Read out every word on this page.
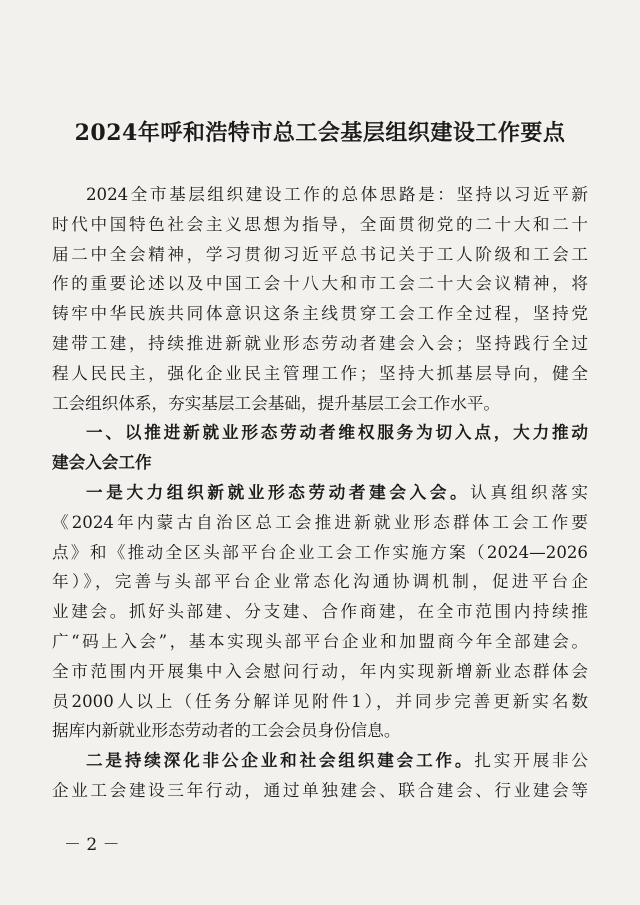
2024年呼和浩特市总工会基层组织建设工作要点
2024全市基层组织建设工作的总体思路是：坚持以习近平新
时代中国特色社会主义思想为指导，全面贯彻党的二十大和二十
届二中全会精神，学习贯彻习近平总书记关于工人阶级和工会工
作的重要论述以及中国工会十八大和市工会二十大会议精神，将
铸牢中华民族共同体意识这条主线贯穿工会工作全过程，坚持党
建带工建，持续推进新就业形态劳动者建会入会；坚持践行全过
程人民民主，强化企业民主管理工作；坚持大抓基层导向，健全
工会组织体系，夯实基层工会基础，提升基层工会工作水平。
一、以推进新就业形态劳动者维权服务为切入点，大力推动
建会入会工作
一是大力组织新就业形态劳动者建会入会。认真组织落实
《2024年内蒙古自治区总工会推进新就业形态群体工会工作要
点》和《推动全区头部平台企业工会工作实施方案（2024—2026
年）》，完善与头部平台企业常态化沟通协调机制，促进平台企
业建会。抓好头部建、分支建、合作商建，在全市范围内持续推
广“码上入会”，基本实现头部平台企业和加盟商今年全部建会。
全市范围内开展集中入会慰问行动，年内实现新增新业态群体会
员2000人以上（任务分解详见附件1），并同步完善更新实名数
据库内新就业形态劳动者的工会会员身份信息。
二是持续深化非公企业和社会组织建会工作。扎实开展非公
企业工会建设三年行动，通过单独建会、联合建会、行业建会等
－ 2 －
